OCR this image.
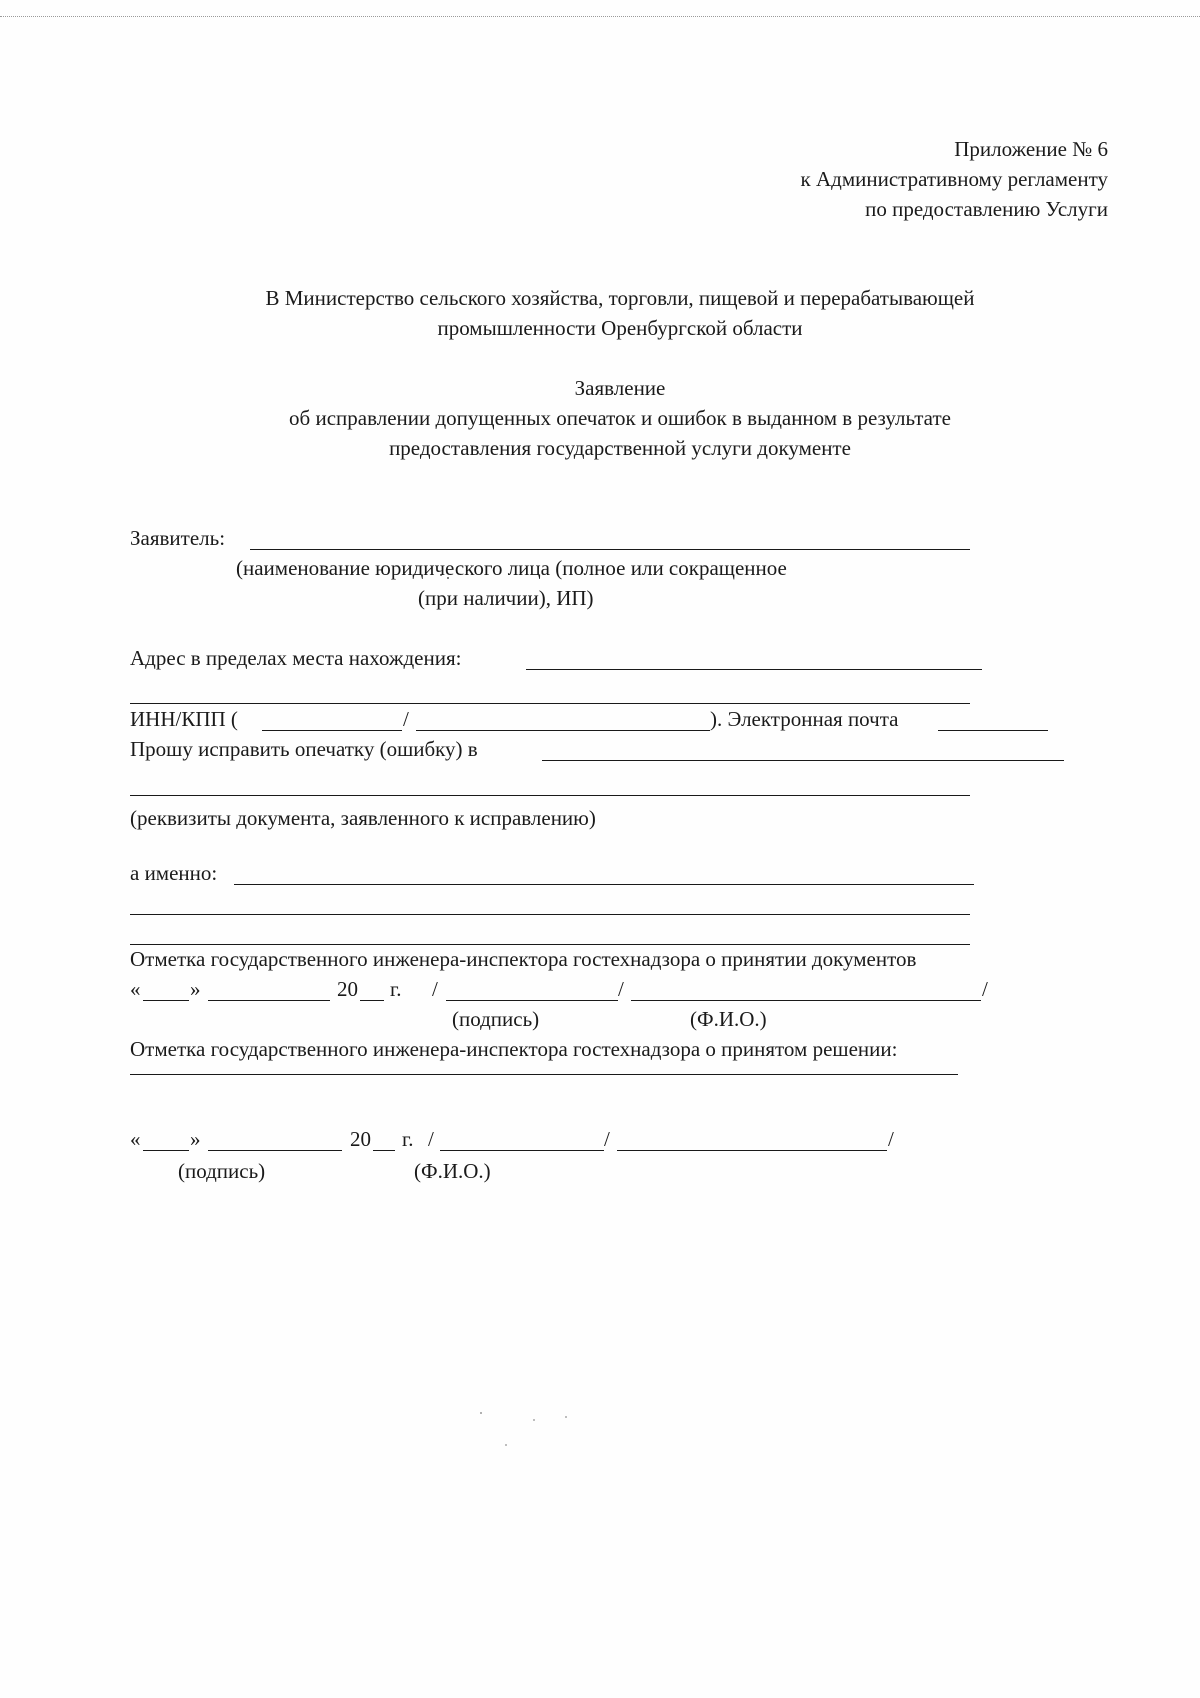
Приложение № 6
к Административному регламенту
по предоставлению Услуги
В Министерство сельского хозяйства, торговли, пищевой и перерабатывающей
промышленности Оренбургской области
Заявление
об исправлении допущенных опечаток и ошибок в выданном в результате
предоставления государственной услуги документе
Заявитель:
(наименование юридического лица (полное или сокращенное
(при наличии), ИП)
Адрес в пределах места нахождения:
ИНН/КПП (	/	). Электронная почта
Прошу исправить опечатку (ошибку) в
(реквизиты документа, заявленного к исправлению)
а именно:
Отметка государственного инженера-инспектора гостехнадзора о принятии документов
« »	20 г. /	/	/
(подпись)	(Ф.И.О.)
Отметка государственного инженера-инспектора гостехнадзора о принятом решении:
« »	20 г. /	/	/
(подпись)	(Ф.И.О.)
